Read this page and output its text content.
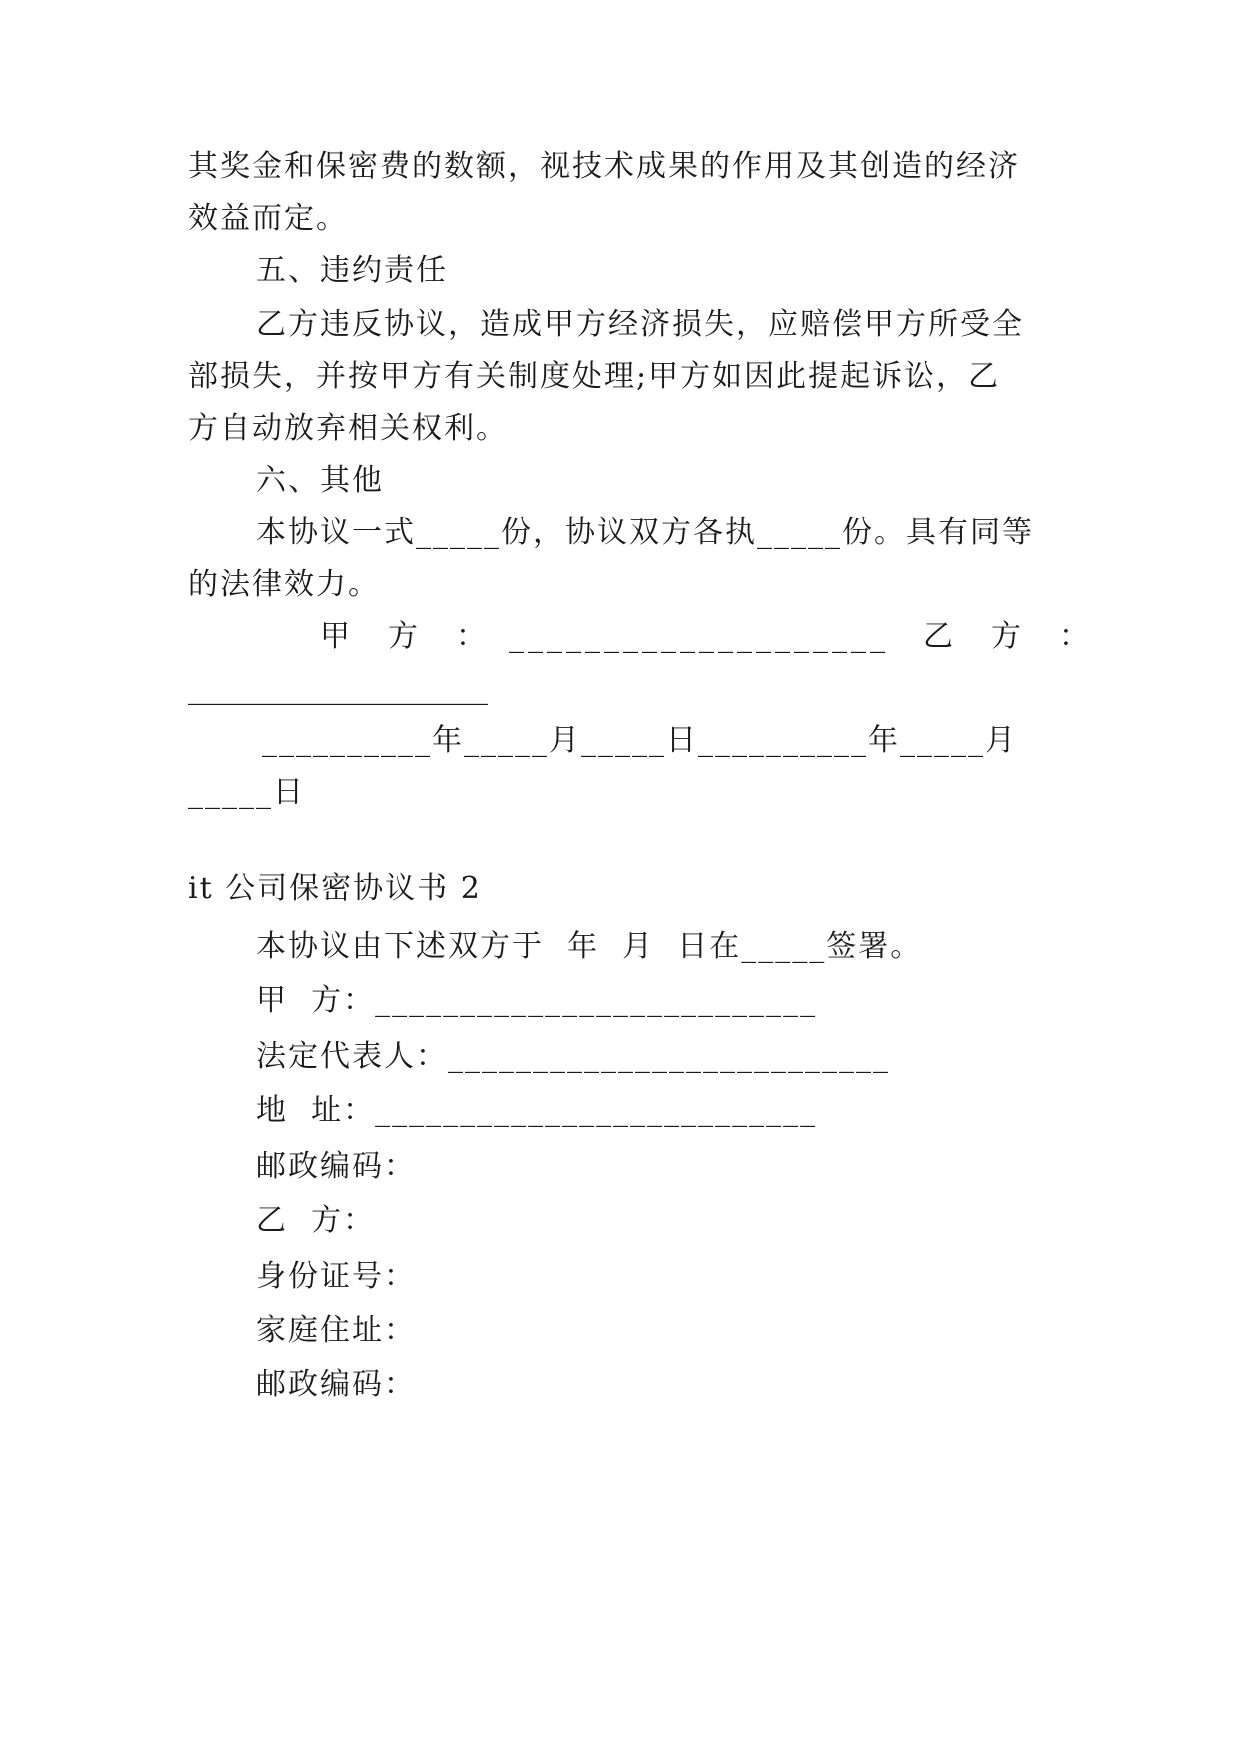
其奖金和保密费的数额，视技术成果的作用及其创造的经济
效益而定。
五、违约责任
乙方违反协议，造成甲方经济损失，应赔偿甲方所受全
部损失，并按甲方有关制度处理;甲方如因此提起诉讼，乙
方自动放弃相关权利。
六、其他
本协议一式_____份，协议双方各执_____份。具有同等
的法律效力。
甲　方　：　____________________　乙　方　：
____________________
__________年_____月_____日__________年_____月
_____日
it 公司保密协议书 2
本协议由下述双方于  年  月  日在_____签署。
甲  方：__________________________
法定代表人：__________________________
地  址：__________________________
邮政编码：
乙  方：
身份证号：
家庭住址：
邮政编码：
